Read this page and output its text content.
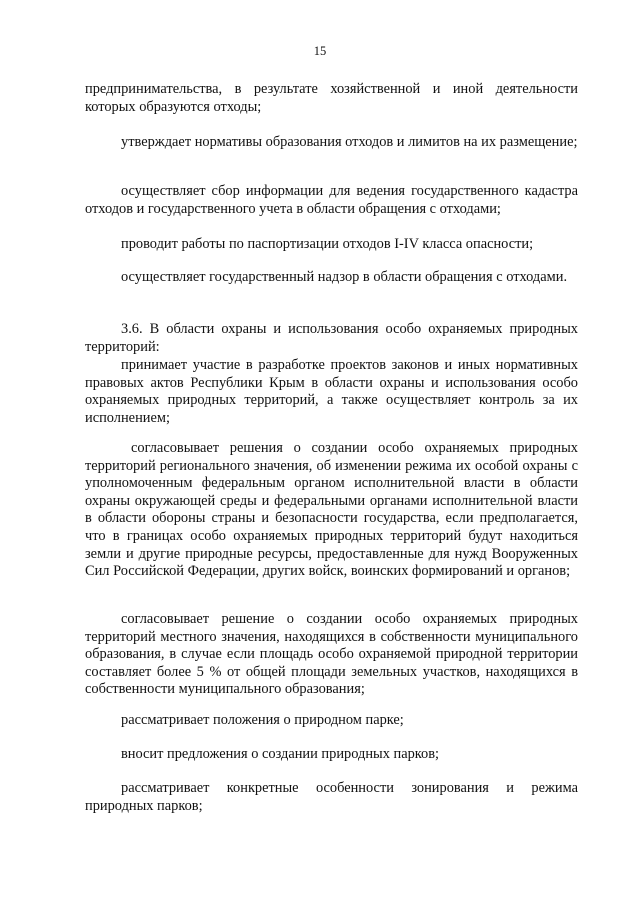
15
предпринимательства, в результате хозяйственной и иной деятельности которых образуются отходы;
утверждает нормативы образования отходов и лимитов на их размещение;
осуществляет сбор информации для ведения государственного кадастра отходов и государственного учета в области обращения с отходами;
проводит работы по паспортизации отходов I-IV класса опасности;
осуществляет государственный надзор в области обращения с отходами.
3.6. В области охраны и использования особо охраняемых природных территорий:
принимает участие в разработке проектов законов и иных нормативных правовых актов Республики Крым в области охраны и использования особо охраняемых природных территорий, а также осуществляет контроль за их исполнением;
согласовывает решения о создании особо охраняемых природных территорий регионального значения, об изменении режима их особой охраны с уполномоченным федеральным органом исполнительной власти в области охраны окружающей среды и федеральными органами исполнительной власти в области обороны страны и безопасности государства, если предполагается, что в границах особо охраняемых природных территорий будут находиться земли и другие природные ресурсы, предоставленные для нужд Вооруженных Сил Российской Федерации, других войск, воинских формирований и органов;
согласовывает решение о создании особо охраняемых природных территорий местного значения, находящихся в собственности муниципального образования, в случае если площадь особо охраняемой природной территории составляет более 5 % от общей площади земельных участков, находящихся в собственности муниципального образования;
рассматривает положения о природном парке;
вносит предложения о создании природных парков;
рассматривает конкретные особенности зонирования и режима природных парков;
